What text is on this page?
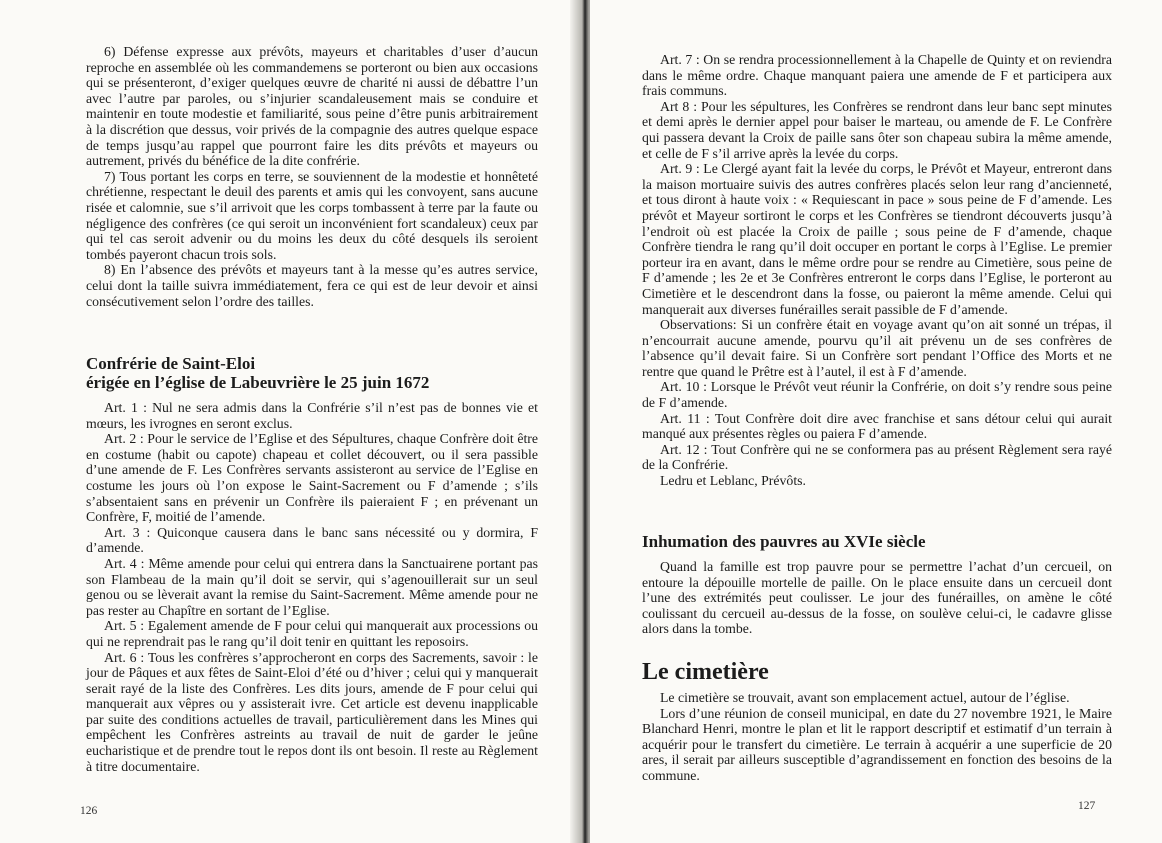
6) Défense expresse aux prévôts, mayeurs et charitables d’user d’aucun reproche en assemblée où les commandemens se porteront ou bien aux occasions qui se présenteront, d’exiger quelques œuvre de charité ni aussi de débattre l’un avec l’autre par paroles, ou s’injurier scandaleusement mais se conduire et maintenir en toute modestie et familiarité, sous peine d’être punis arbitrairement à la discrétion que dessus, voir privés de la compagnie des autres quelque espace de temps jusqu’au rappel que pourront faire les dits prévôts et mayeurs ou autrement, privés du bénéfice de la dite confrérie.

7) Tous portant les corps en terre, se souviennent de la modestie et honnêteté chrétienne, respectant le deuil des parents et amis qui les convoyent, sans aucune risée et calomnie, sue s’il arrivoit que les corps tombassent à terre par la faute ou négligence des confrères (ce qui seroit un inconvénient fort scandaleux) ceux par qui tel cas seroit advenir ou du moins les deux du côté desquels ils seroient tombés payeront chacun trois sols.

8) En l’absence des prévôts et mayeurs tant à la messe qu’es autres service, celui dont la taille suivra immédiatement, fera ce qui est de leur devoir et ainsi consécutivement selon l’ordre des tailles.

Confrérie de Saint-Eloi
érigée en l’église de Labeuvrière le 25 juin 1672

Art. 1 : Nul ne sera admis dans la Confrérie s’il n’est pas de bonnes vie et mœurs, les ivrognes en seront exclus.

Art. 2 : Pour le service de l’Eglise et des Sépultures, chaque Confrère doit être en costume (habit ou capote) chapeau et collet découvert, ou il sera passible d’une amende de F. Les Confrères servants assisteront au service de l’Eglise en costume les jours où l’on expose le Saint-Sacrement ou F d’amende ; s’ils s’absentaient sans en prévenir un Confrère ils paieraient F ; en prévenant un Confrère, F, moitié de l’amende.

Art. 3 : Quiconque causera dans le banc sans nécessité ou y dormira, F d’amende.

Art. 4 : Même amende pour celui qui entrera dans la Sanctuairene portant pas son Flambeau de la main qu’il doit se servir, qui s’agenouillerait sur un seul genou ou se lèverait avant la remise du Saint-Sacrement. Même amende pour ne pas rester au Chapître en sortant de l’Eglise.

Art. 5 : Egalement amende de F pour celui qui manquerait aux processions ou qui ne reprendrait pas le rang qu’il doit tenir en quittant les reposoirs.

Art. 6 : Tous les confrères s’approcheront en corps des Sacrements, savoir : le jour de Pâques et aux fêtes de Saint-Eloi d’été ou d’hiver ; celui qui y manquerait serait rayé de la liste des Confrères. Les dits jours, amende de F pour celui qui manquerait aux vêpres ou y assisterait ivre. Cet article est devenu inapplicable par suite des conditions actuelles de travail, particulièrement dans les Mines qui empêchent les Confrères astreints au travail de nuit de garder le jeûne eucharistique et de prendre tout le repos dont ils ont besoin. Il reste au Règlement à titre documentaire.

126

Art. 7 : On se rendra processionnellement à la Chapelle de Quinty et on reviendra dans le même ordre. Chaque manquant paiera une amende de F et participera aux frais communs.

Art 8 : Pour les sépultures, les Confrères se rendront dans leur banc sept minutes et demi après le dernier appel pour baiser le marteau, ou amende de F. Le Confrère qui passera devant la Croix de paille sans ôter son chapeau subira la même amende, et celle de F s’il arrive après la levée du corps.

Art. 9 : Le Clergé ayant fait la levée du corps, le Prévôt et Mayeur, entreront dans la maison mortuaire suivis des autres confrères placés selon leur rang d’ancienneté, et tous diront à haute voix : « Requiescant in pace » sous peine de F d’amende. Les prévôt et Mayeur sortiront le corps et les Confrères se tiendront découverts jusqu’à l’endroit où est placée la Croix de paille ; sous peine de F d’amende, chaque Confrère tiendra le rang qu’il doit occuper en portant le corps à l’Eglise. Le premier porteur ira en avant, dans le même ordre pour se rendre au Cimetière, sous peine de F d’amende ; les 2e et 3e Confrères entreront le corps dans l’Eglise, le porteront au Cimetière et le descendront dans la fosse, ou paieront la même amende. Celui qui manquerait aux diverses funérailles serait passible de F d’amende.

Observations: Si un confrère était en voyage avant qu’on ait sonné un trépas, il n’encourrait aucune amende, pourvu qu’il ait prévenu un de ses confrères de l’absence qu’il devait faire. Si un Confrère sort pendant l’Office des Morts et ne rentre que quand le Prêtre est à l’autel, il est à F d’amende.

Art. 10 : Lorsque le Prévôt veut réunir la Confrérie, on doit s’y rendre sous peine de F d’amende.

Art. 11 : Tout Confrère doit dire avec franchise et sans détour celui qui aurait manqué aux présentes règles ou paiera F d’amende.

Art. 12 : Tout Confrère qui ne se conformera pas au présent Règlement sera rayé de la Confrérie.

Ledru et Leblanc, Prévôts.

Inhumation des pauvres au XVIe siècle

Quand la famille est trop pauvre pour se permettre l’achat d’un cercueil, on entoure la dépouille mortelle de paille. On le place ensuite dans un cercueil dont l’une des extrémités peut coulisser. Le jour des funérailles, on amène le côté coulissant du cercueil au-dessus de la fosse, on soulève celui-ci, le cadavre glisse alors dans la tombe.

Le cimetière

Le cimetière se trouvait, avant son emplacement actuel, autour de l’église.

Lors d’une réunion de conseil municipal, en date du 27 novembre 1921, le Maire Blanchard Henri, montre le plan et lit le rapport descriptif et estimatif d’un terrain à acquérir pour le transfert du cimetière. Le terrain à acquérir a une superficie de 20 ares, il serait par ailleurs susceptible d’agrandissement en fonction des besoins de la commune.

127
